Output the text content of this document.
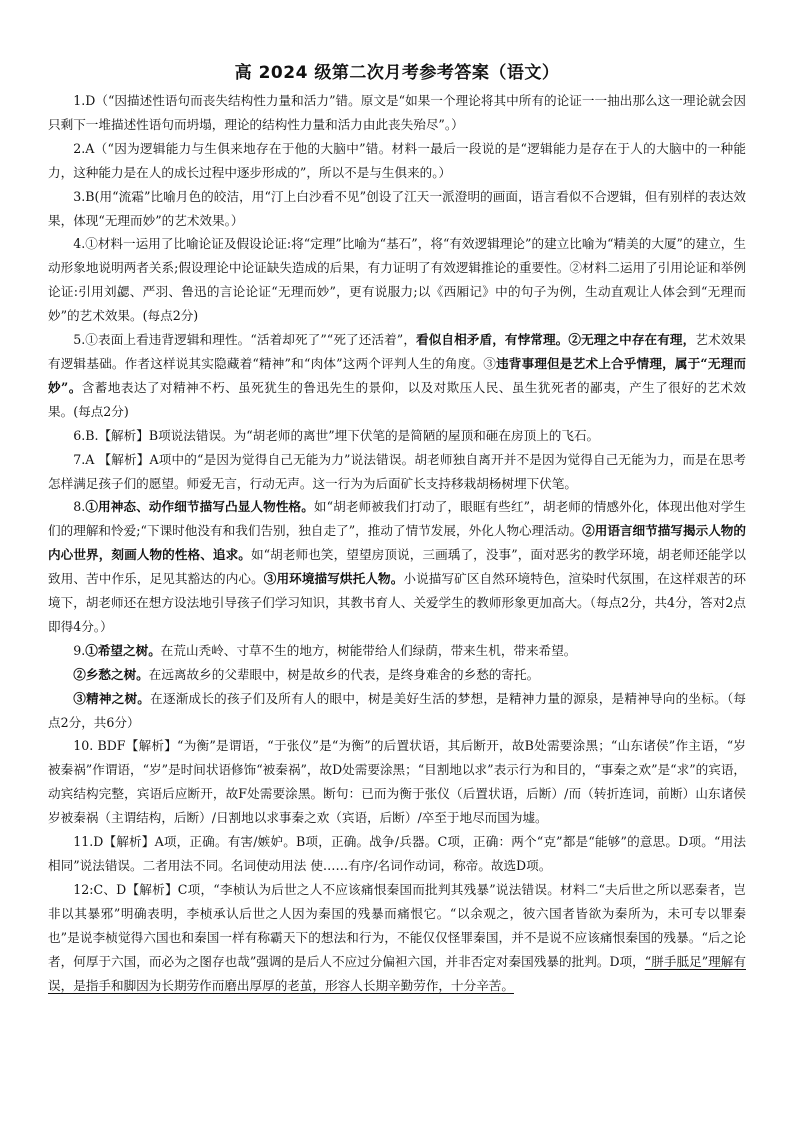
高 2024 级第二次月考参考答案（语文）

1.D（“因描述性语句而丧失结构性力量和活力”错。原文是“如果一个理论将其中所有的论证一一抽出那么这一理论就会因只剩下一堆描述性语句而坍塌，理论的结构性力量和活力由此丧失殆尽”。）

2.A（“因为逻辑能力与生俱来地存在于他的大脑中”错。材料一最后一段说的是“逻辑能力是存在于人的大脑中的一种能力，这种能力是在人的成长过程中逐步形成的”，所以不是与生俱来的。）

3.B(用“流霜”比喻月色的皎洁，用“汀上白沙看不见”创设了江天一派澄明的画面，语言看似不合逻辑，但有别样的表达效果，体现“无理而妙”的艺术效果。）

4.①材料一运用了比喻论证及假设论证:将“定理”比喻为“基石”，将“有效逻辑理论”的建立比喻为“精美的大厦”的建立，生动形象地说明两者关系;假设理论中论证缺失造成的后果，有力证明了有效逻辑推论的重要性。②材料二运用了引用论证和举例论证:引用刘勰、严羽、鲁迅的言论论证“无理而妙”，更有说服力;以《西厢记》中的句子为例，生动直观让人体会到“无理而妙”的艺术效果。(每点2分)

5.①表面上看违背逻辑和理性。“活着却死了”“死了还活着”，看似自相矛盾，有悖常理。②无理之中存在有理，艺术效果有逻辑基础。作者这样说其实隐藏着“精神”和“肉体”这两个评判人生的角度。③违背事理但是艺术上合乎情理，属于“无理而妙”。含蓄地表达了对精神不朽、虽死犹生的鲁迅先生的景仰，以及对欺压人民、虽生犹死者的鄙夷，产生了很好的艺术效果。(每点2分)

6.B.【解析】B项说法错误。为“胡老师的离世”埋下伏笔的是简陋的屋顶和砸在房顶上的飞石。

7.A 【解析】A项中的“是因为觉得自己无能为力”说法错误。胡老师独自离开并不是因为觉得自己无能为力，而是在思考怎样满足孩子们的愿望。师爱无言，行动无声。这一行为为后面矿长支持移栽胡杨树埋下伏笔。

8.①用神态、动作细节描写凸显人物性格。如“胡老师被我们打动了，眼眶有些红”，胡老师的情感外化，体现出他对学生们的理解和怜爱;“下课时他没有和我们告别，独自走了”，推动了情节发展，外化人物心理活动。②用语言细节描写揭示人物的内心世界，刻画人物的性格、追求。如“胡老师也笑，望望房顶说，三画瑀了，没事”，面对恶劣的教学环境，胡老师还能学以致用、苦中作乐，足见其豁达的内心。③用环境描写烘托人物。小说描写矿区自然环境特色，渲染时代氛围，在这样艰苦的环境下，胡老师还在想方设法地引导孩子们学习知识，其教书育人、关爱学生的教师形象更加高大。（每点2分，共4分，答对2点即得4分。）

9.①希望之树。在荒山秃岭、寸草不生的地方，树能带给人们绿荫，带来生机，带来希望。

②乡愁之树。在远离故乡的父辈眼中，树是故乡的代表，是终身难舍的乡愁的寄托。

③精神之树。在逐渐成长的孩子们及所有人的眼中，树是美好生活的梦想，是精神力量的源泉，是精神导向的坐标。（每点2分，共6分）

10. BDF【解析】“为衡”是谓语，“于张仪”是“为衡”的后置状语，其后断开，故B处需要涂黑；“山东诸侯”作主语，“岁被秦祸”作谓语，“岁”是时间状语修饰“被秦祸”，故D处需要涂黑；“目割地以求”表示行为和目的，“事秦之欢”是“求”的宾语，动宾结构完整，宾语后应断开，故F处需要涂黑。断句：已而为衡于张仪（后置状语，后断）/而（转折连词，前断）山东诸侯岁被秦祸（主谓结构，后断）/日割地以求事秦之欢（宾语，后断）/卒至于地尽而国为墟。

11.D【解析】A项，正确。有害/嫉妒。B项，正确。战争/兵器。C项，正确：两个“克”都是“能够”的意思。D项。“用法相同”说法错误。二者用法不同。名词使动用法 使……有序/名词作动词，称帝。故选D项。

12:C、D【解析】C项，“李桢认为后世之人不应该痛恨秦国而批判其残暴”说法错误。材料二“夫后世之所以恶秦者，岂非以其暴邪”明确表明，李桢承认后世之人因为秦国的残暴而痛恨它。“以余观之，彼六国者皆欲为秦所为，未可专以罪秦也”是说李桢觉得六国也和秦国一样有称霸天下的想法和行为，不能仅仅怪罪秦国，并不是说不应该痛恨秦国的残暴。“后之论者，何厚于六国，而必为之图存也哉”强调的是后人不应过分偏袒六国，并非否定对秦国残暴的批判。D项，“胼手胝足”理解有误，是指手和脚因为长期劳作而磨出厚厚的老茧，形容人长期辛勤劳作，十分辛苦。
